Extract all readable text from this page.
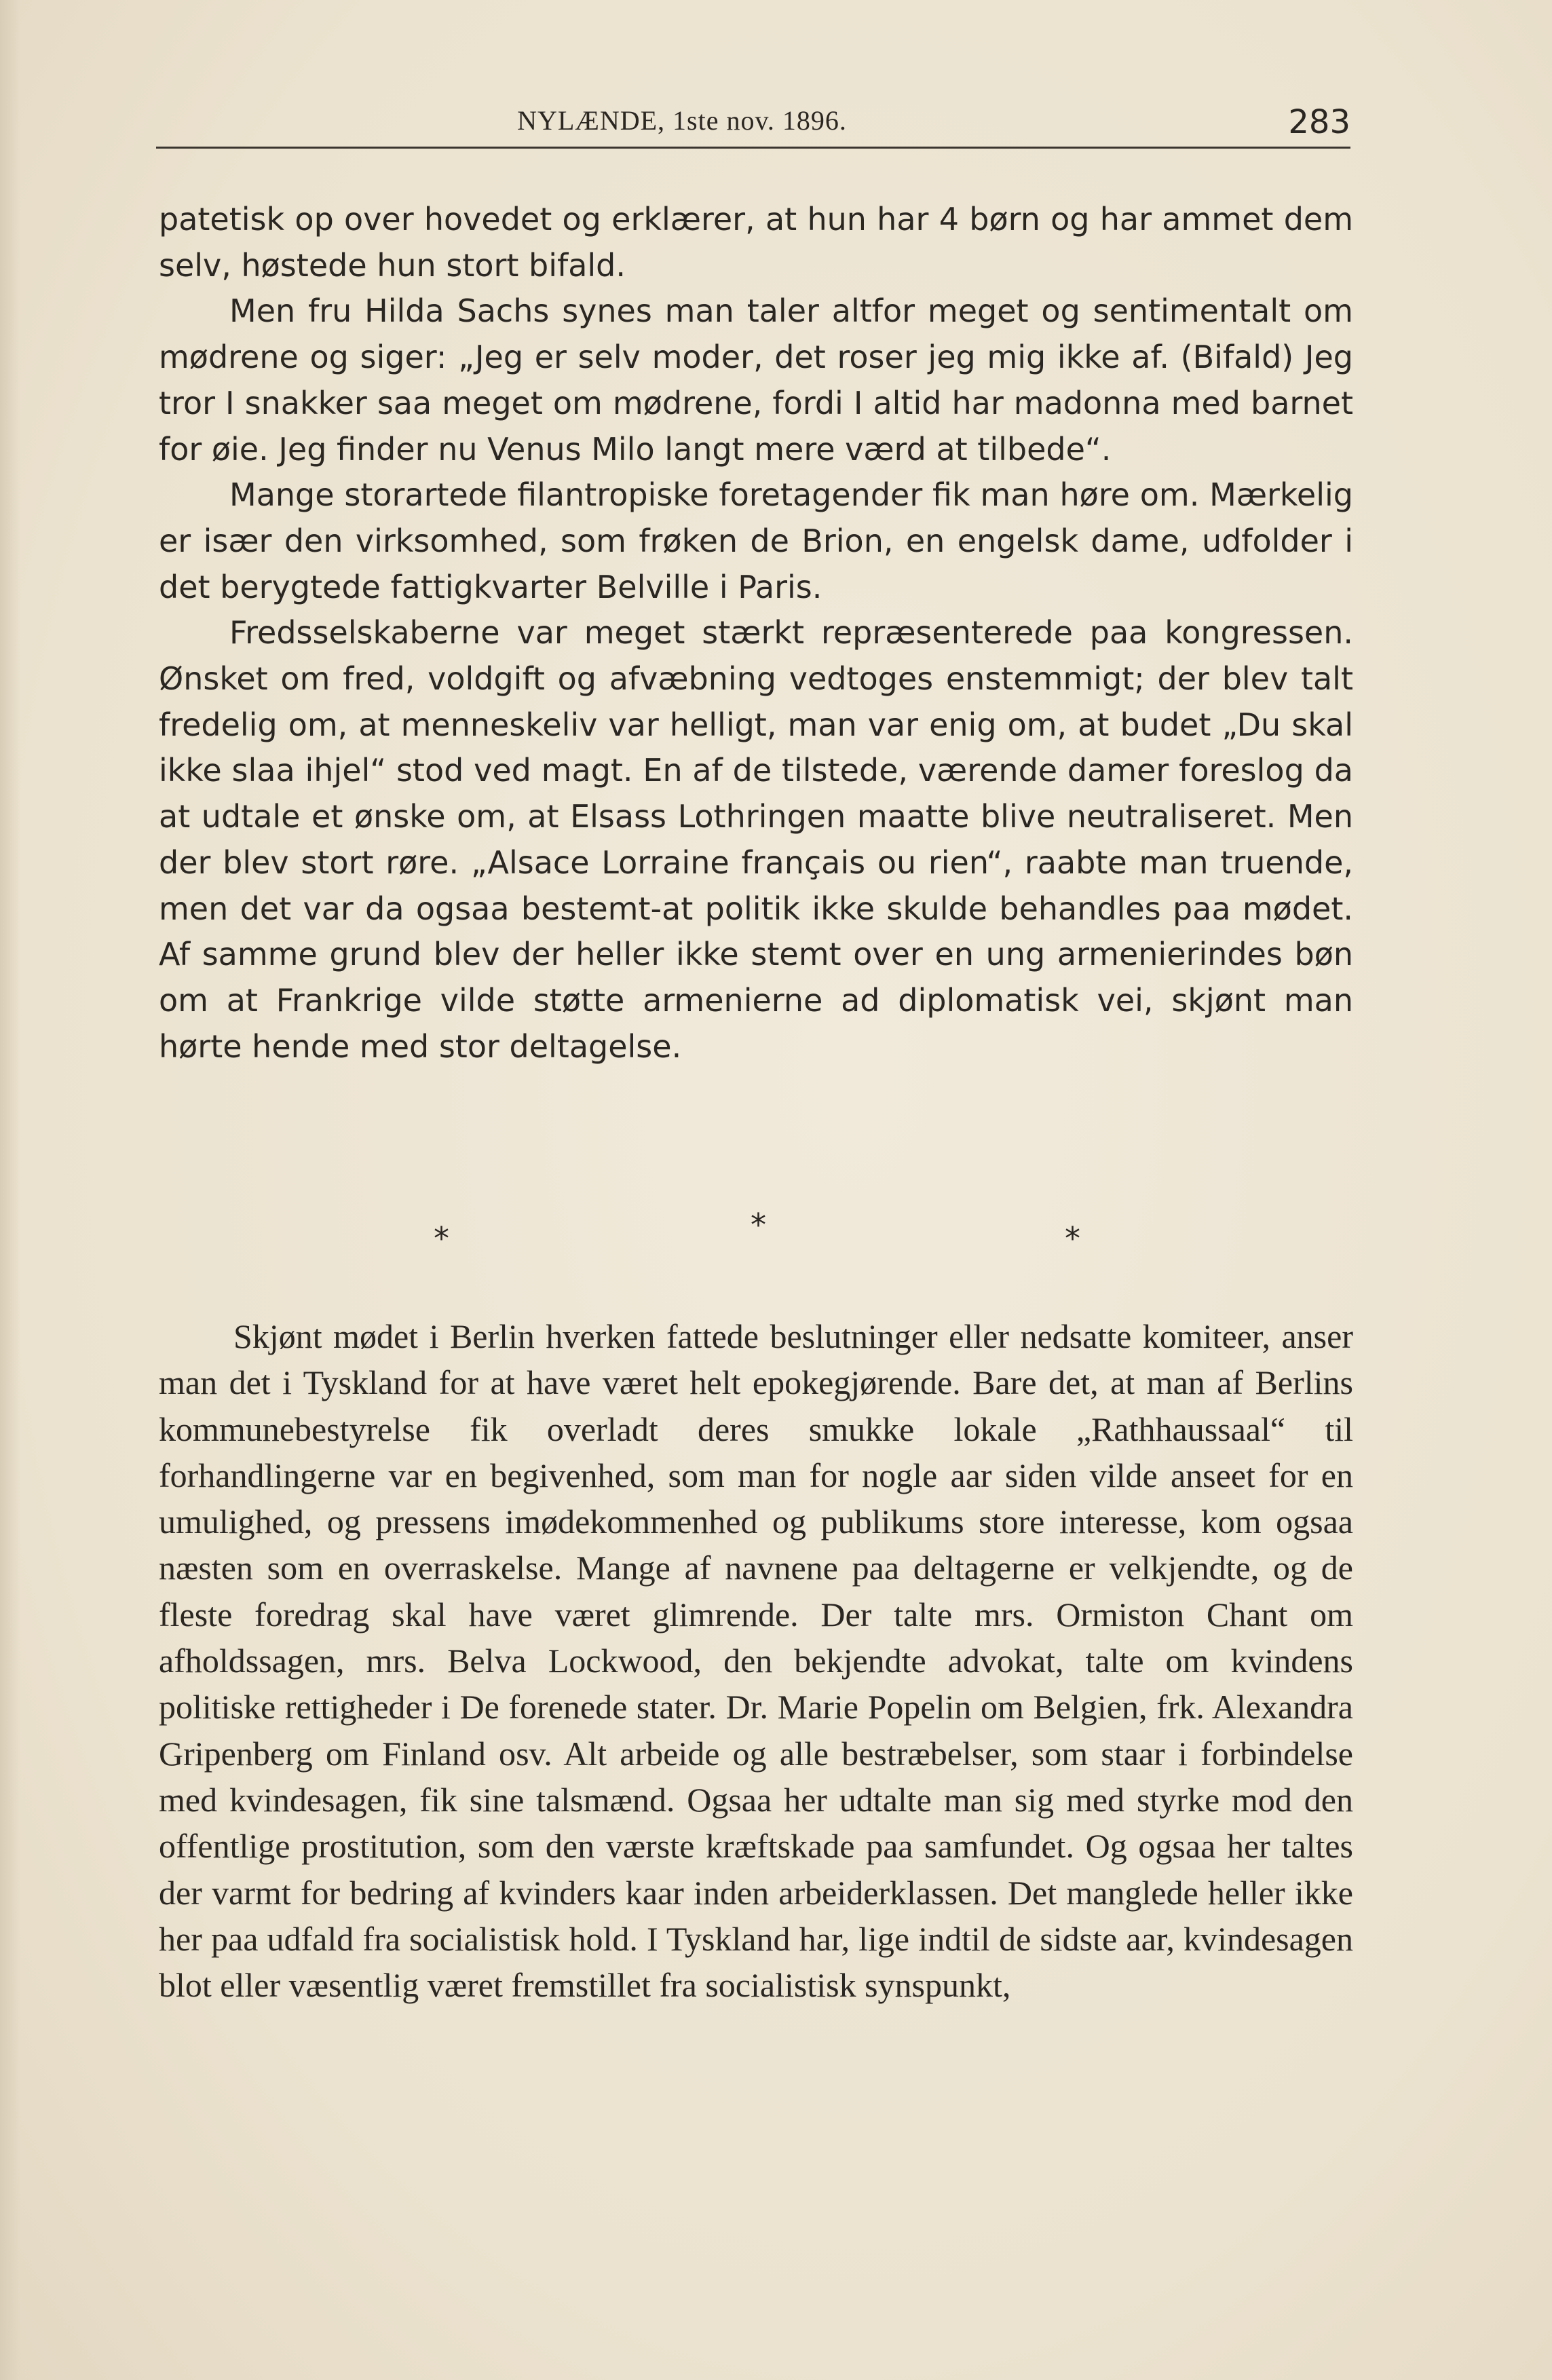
NYLÆNDE, 1ste nov. 1896.	283

patetisk op over hovedet og erklærer, at hun har 4 børn og har ammet dem selv, høstede hun stort bifald.

Men fru Hilda Sachs synes man taler altfor meget og sentimentalt om mødrene og siger: „Jeg er selv moder, det roser jeg mig ikke af. (Bifald) Jeg tror I snakker saa meget om mødrene, fordi I altid har madonna med barnet for øie. Jeg finder nu Venus Milo langt mere værd at tilbede“.

Mange storartede filantropiske foretagender fik man høre om. Mærkelig er især den virksomhed, som frøken de Brion, en engelsk dame, udfolder i det berygtede fattigkvarter Belville i Paris.

Fredsselskaberne var meget stærkt repræsenterede paa kongressen. Ønsket om fred, voldgift og afvæbning vedtoges enstemmigt; der blev talt fredelig om, at menneskeliv var helligt, man var enig om, at budet „Du skal ikke slaa ihjel“ stod ved magt. En af de tilstede, værende damer foreslog da at udtale et ønske om, at Elsass Lothringen maatte blive neutraliseret. Men der blev stort røre. „Alsace Lorraine français ou rien“, raabte man truende, men det var da ogsaa bestemt-at politik ikke skulde behandles paa mødet. Af samme grund blev der heller ikke stemt over en ung armenierindes bøn om at Frankrige vilde støtte armenierne ad diplomatisk vei, skjønt man hørte hende med stor deltagelse.

*	*	*

Skjønt mødet i Berlin hverken fattede beslutninger eller nedsatte komiteer, anser man det i Tyskland for at have været helt epokegjørende. Bare det, at man af Berlins kommunebestyrelse fik overladt deres smukke lokale „Rathhaussaal“ til forhandlingerne var en begivenhed, som man for nogle aar siden vilde anseet for en umulighed, og pressens imødekommenhed og publikums store interesse, kom ogsaa næsten som en overraskelse. Mange af navnene paa deltagerne er velkjendte, og de fleste foredrag skal have været glimrende. Der talte mrs. Ormiston Chant om afholdssagen, mrs. Belva Lockwood, den bekjendte advokat, talte om kvindens politiske rettigheder i De forenede stater. Dr. Marie Popelin om Belgien, frk. Alexandra Gripenberg om Finland osv. Alt arbeide og alle bestræbelser, som staar i forbindelse med kvindesagen, fik sine talsmænd. Ogsaa her udtalte man sig med styrke mod den offentlige prostitution, som den værste kræftskade paa samfundet. Og ogsaa her taltes der varmt for bedring af kvinders kaar inden arbeiderklassen. Det manglede heller ikke her paa udfald fra socialistisk hold. I Tyskland har, lige indtil de sidste aar, kvindesagen blot eller væsentlig været fremstillet fra socialistisk synspunkt,
